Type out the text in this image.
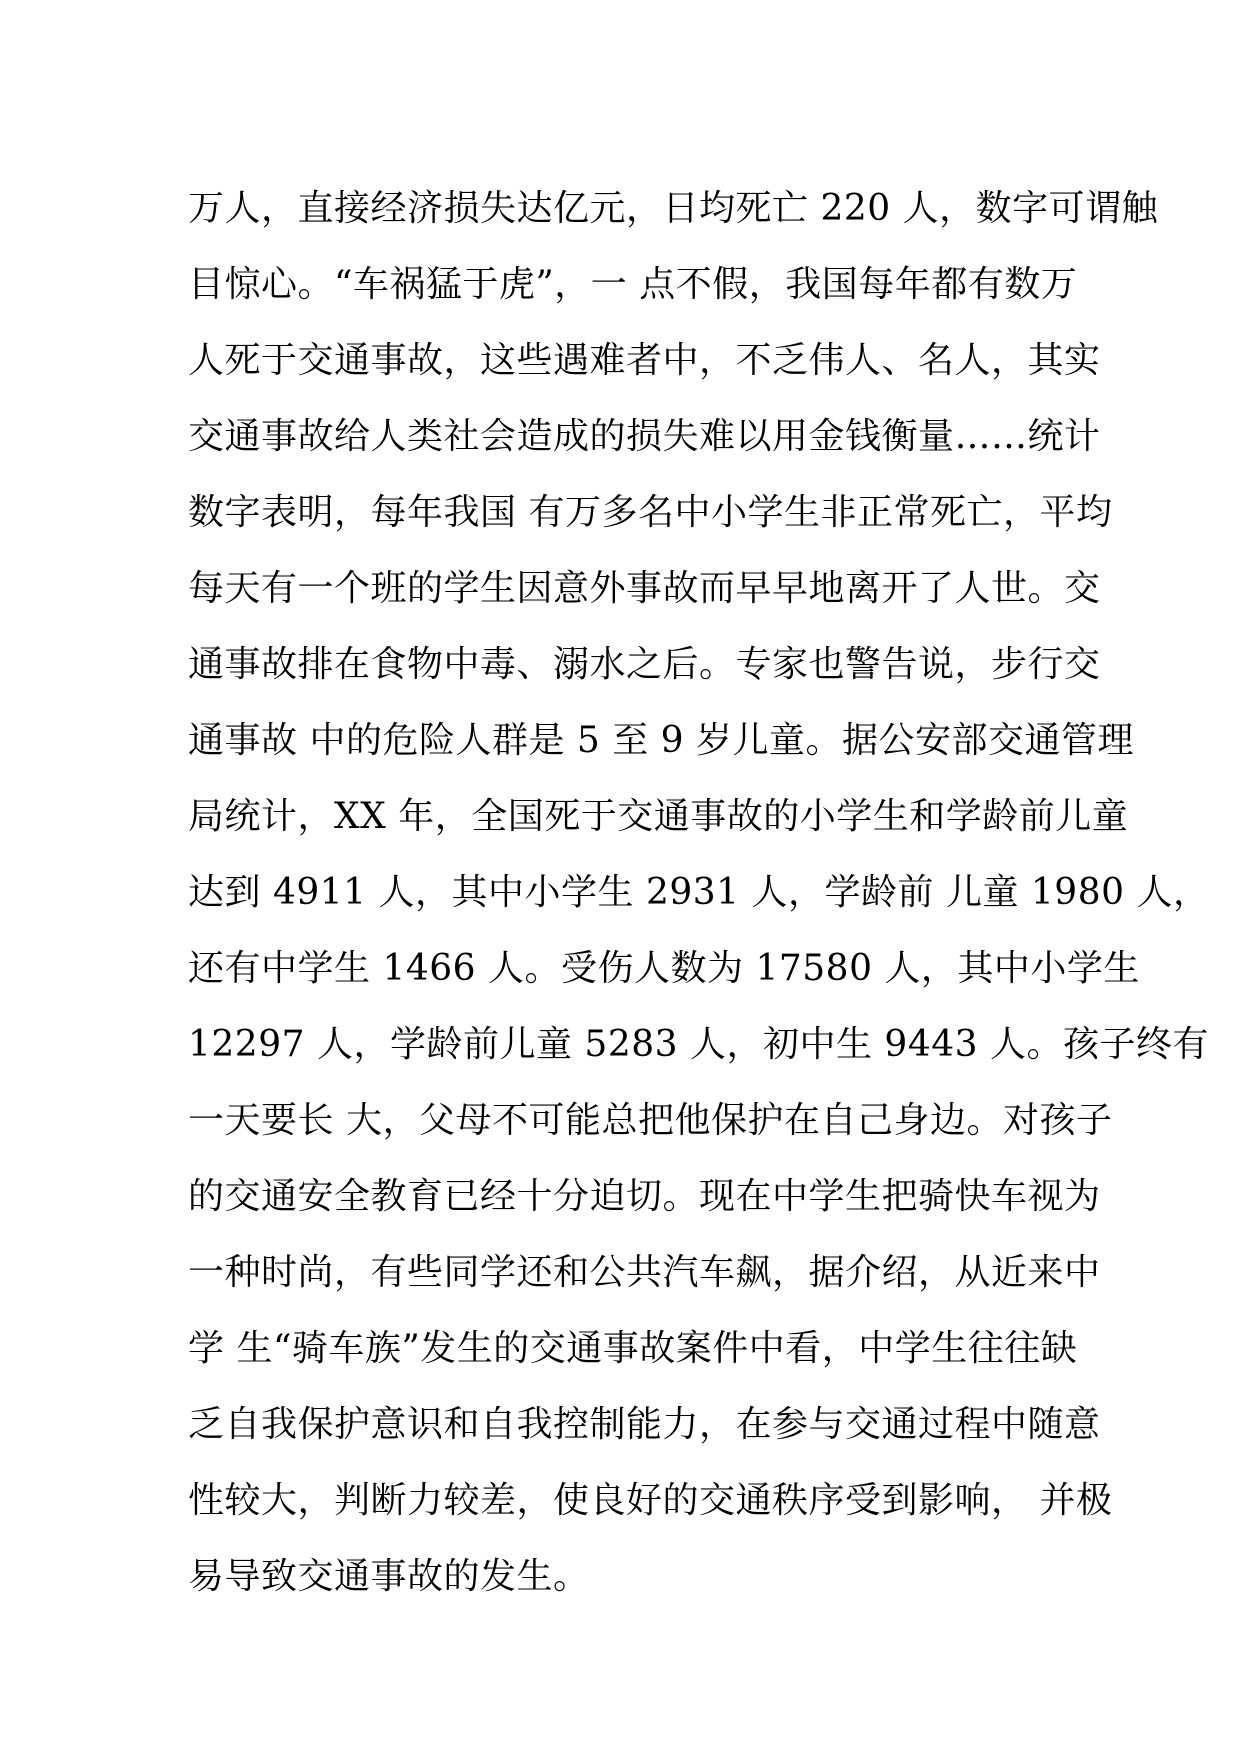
万人，直接经济损失达亿元，日均死亡 220 人，数字可谓触
目惊心。“车祸猛于虎”，一 点不假，我国每年都有数万
人死于交通事故，这些遇难者中，不乏伟人、名人，其实
交通事故给人类社会造成的损失难以用金钱衡量……统计
数字表明，每年我国 有万多名中小学生非正常死亡，平均
每天有一个班的学生因意外事故而早早地离开了人世。交
通事故排在食物中毒、溺水之后。专家也警告说，步行交
通事故 中的危险人群是 5 至 9 岁儿童。据公安部交通管理
局统计，XX 年，全国死于交通事故的小学生和学龄前儿童
达到 4911 人，其中小学生 2931 人，学龄前 儿童 1980 人，
还有中学生 1466 人。受伤人数为 17580 人，其中小学生
12297 人，学龄前儿童 5283 人，初中生 9443 人。孩子终有
一天要长 大，父母不可能总把他保护在自己身边。对孩子
的交通安全教育已经十分迫切。现在中学生把骑快车视为
一种时尚，有些同学还和公共汽车飙，据介绍，从近来中
学 生“骑车族”发生的交通事故案件中看，中学生往往缺
乏自我保护意识和自我控制能力，在参与交通过程中随意
性较大，判断力较差，使良好的交通秩序受到影响， 并极
易导致交通事故的发生。
